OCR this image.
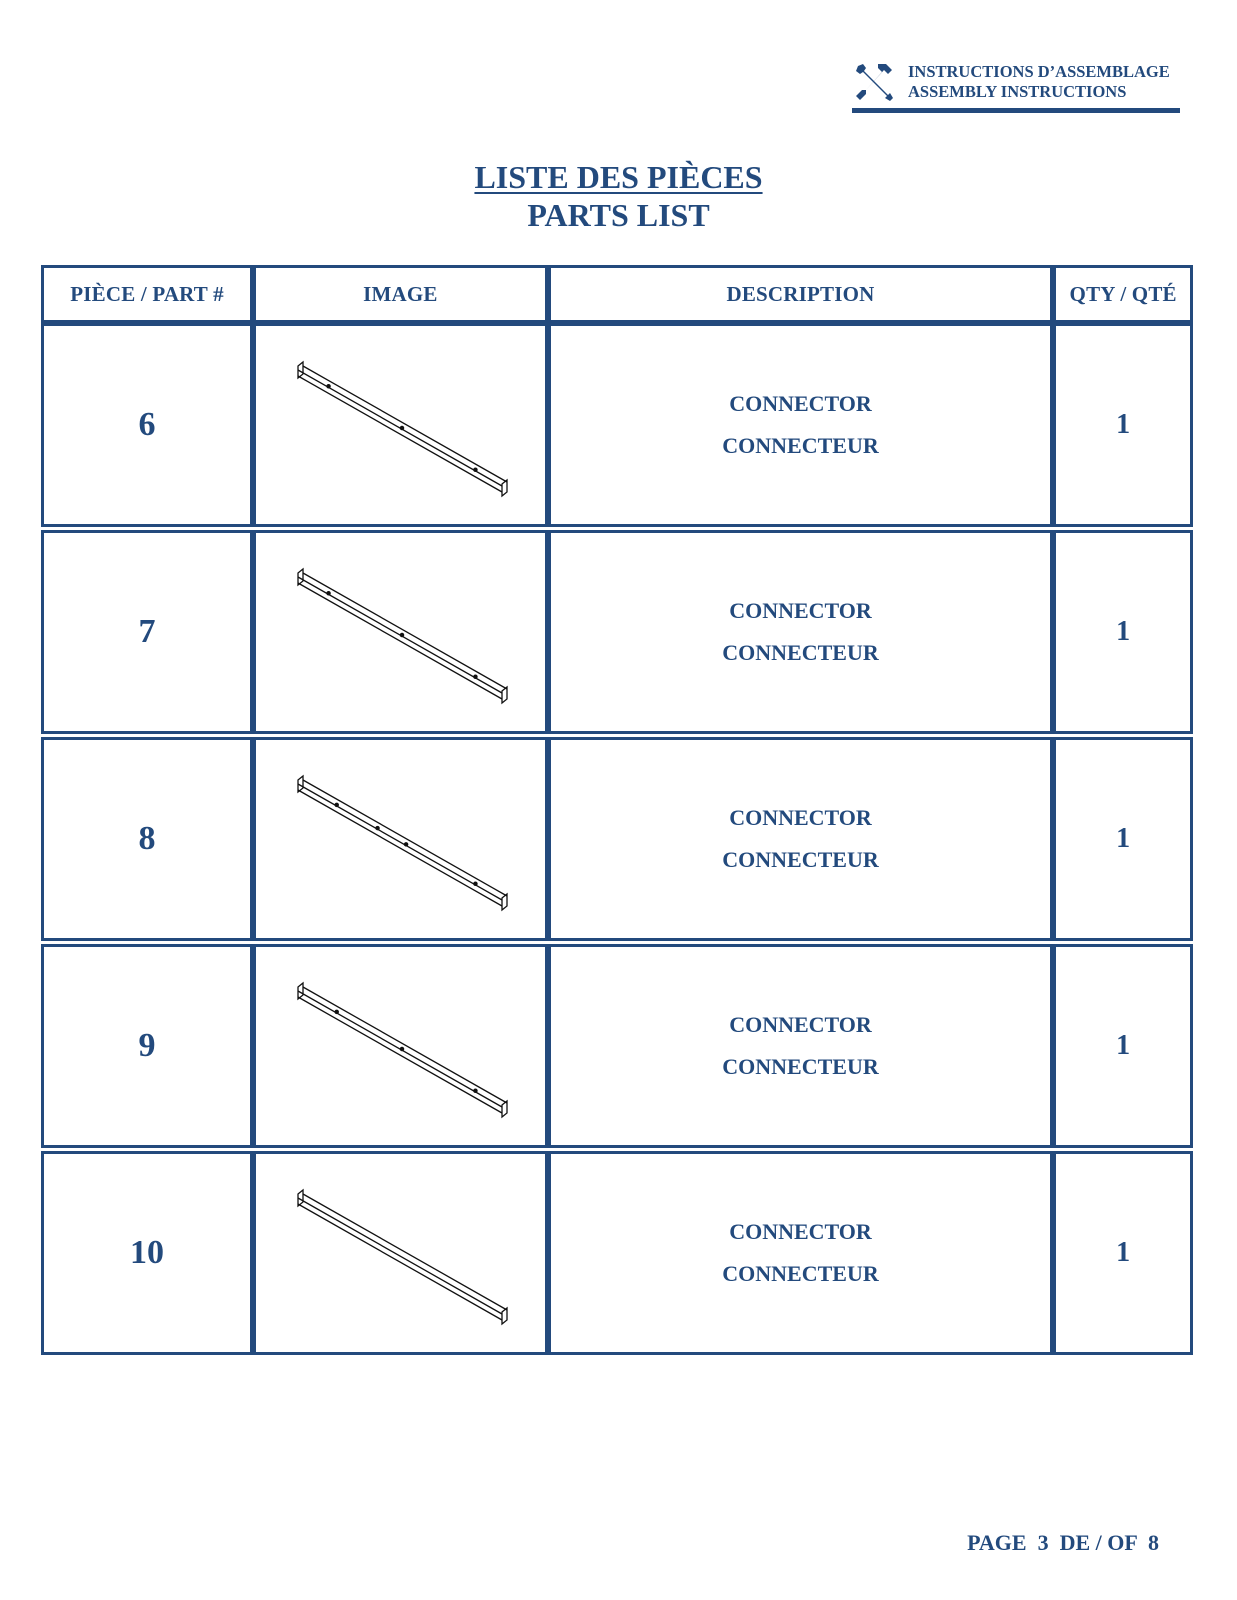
INSTRUCTIONS D’ASSEMBLAGE
ASSEMBLY INSTRUCTIONS
LISTE DES PIÈCES
PARTS LIST
PIÈCE / PART #	IMAGE	DESCRIPTION	QTY / QTÉ
6		CONNECTOR
CONNECTEUR	1

7		CONNECTOR
CONNECTEUR	1

8		CONNECTOR
CONNECTEUR	1

9		CONNECTOR
CONNECTEUR	1

10		CONNECTOR
CONNECTEUR	1
PAGE 3 DE / OF 8
